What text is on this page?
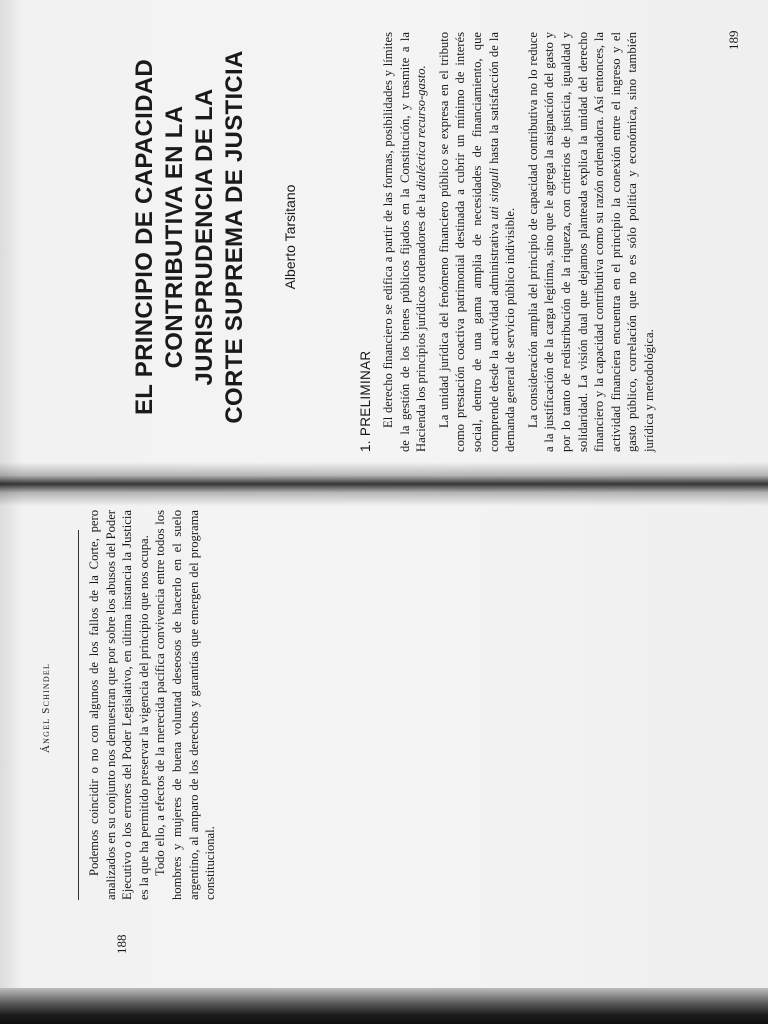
188
Ángel Schindel	Podemos coincidir o no con algunos de los fallos de la Corte, pero analizados en su conjunto nos demuestran que por sobre los abusos del Poder Ejecutivo o los errores del Poder Legislativo, en última instancia la Justicia es la que ha permitido preservar la vigencia del principio que nos ocupa. Todo ello, a efectos de la merecida pacífica convivencia entre todos los hombres y mujeres de buena voluntad deseosos de hacerlo en el suelo argentino, al amparo de los derechos y garantías que emergen del programa constitucional.

EL PRINCIPIO DE CAPACIDAD CONTRIBUTIVA EN LA JURISPRUDENCIA DE LA CORTE SUPREMA DE JUSTICIA Alberto Tarsitano
1. PRELIMINAR El derecho financiero se edifica a partir de las formas, posibilidades y límites de la gestión de los bienes públicos fijados en la Constitución, y trasmite a la Hacienda los principios jurídicos ordenadores de la dialéctica recurso-gasto. La unidad jurídica del fenómeno financiero público se expresa en el tributo como prestación coactiva patrimonial destinada a cubrir un mínimo de interés social, dentro de una gama amplia de necesidades de financiamiento, que comprende desde la actividad administrativa uti singuli hasta la satisfacción de la demanda general de servicio público indivisible. La consideración amplia del principio de capacidad contributiva no lo reduce a la justificación de la carga legítima, sino que le agrega la asignación del gasto y por lo tanto de redistribución de la riqueza, con criterios de justicia, igualdad y solidaridad. La visión dual que dejamos planteada explica la unidad del derecho financiero y la capacidad contributiva como su razón ordenadora. Así entonces, la actividad financiera encuentra en el principio la conexión entre el ingreso y el gasto público, correlación que no es sólo política y económica, sino también jurídica y metodológica.

189
